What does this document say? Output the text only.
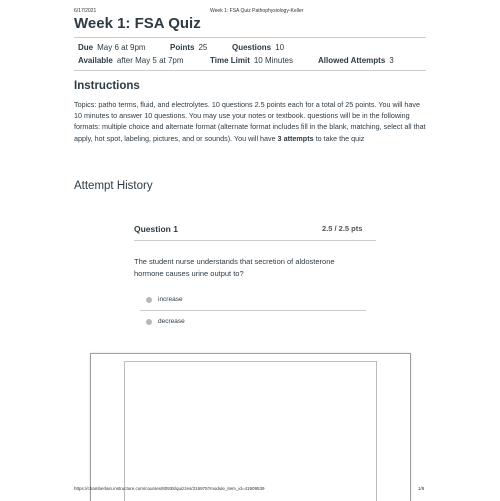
6/17/2021	Week 1: FSA Quiz Pathophysiology-Keller
Week 1: FSA Quiz
Due May 6 at 9pm	Points 25	Questions 10
Available after May 5 at 7pm	Time Limit 10 Minutes	Allowed Attempts 3
Instructions

Topics: patho terms, fluid, and electrolytes. 10 questions 2.5 points each for a total of 25 points. You will have 10 minutes to answer 10 questions. You may use your notes or textbook. questions will be in the following formats: multiple choice and alternate format (alternate format includes fill in the blank, matching, select all that apply, hot spot, labeling, pictures, and or sounds). You will have 3 attempts to take the quiz

Attempt History
Question 1	2.5 / 2.5 pts

The student nurse understands that secretion of aldosterone hormone causes urine output to?

increase
decrease
https://chamberlain.instructure.com/courses/80938/quizzes/316975?module_item_id=41909539	1/8
